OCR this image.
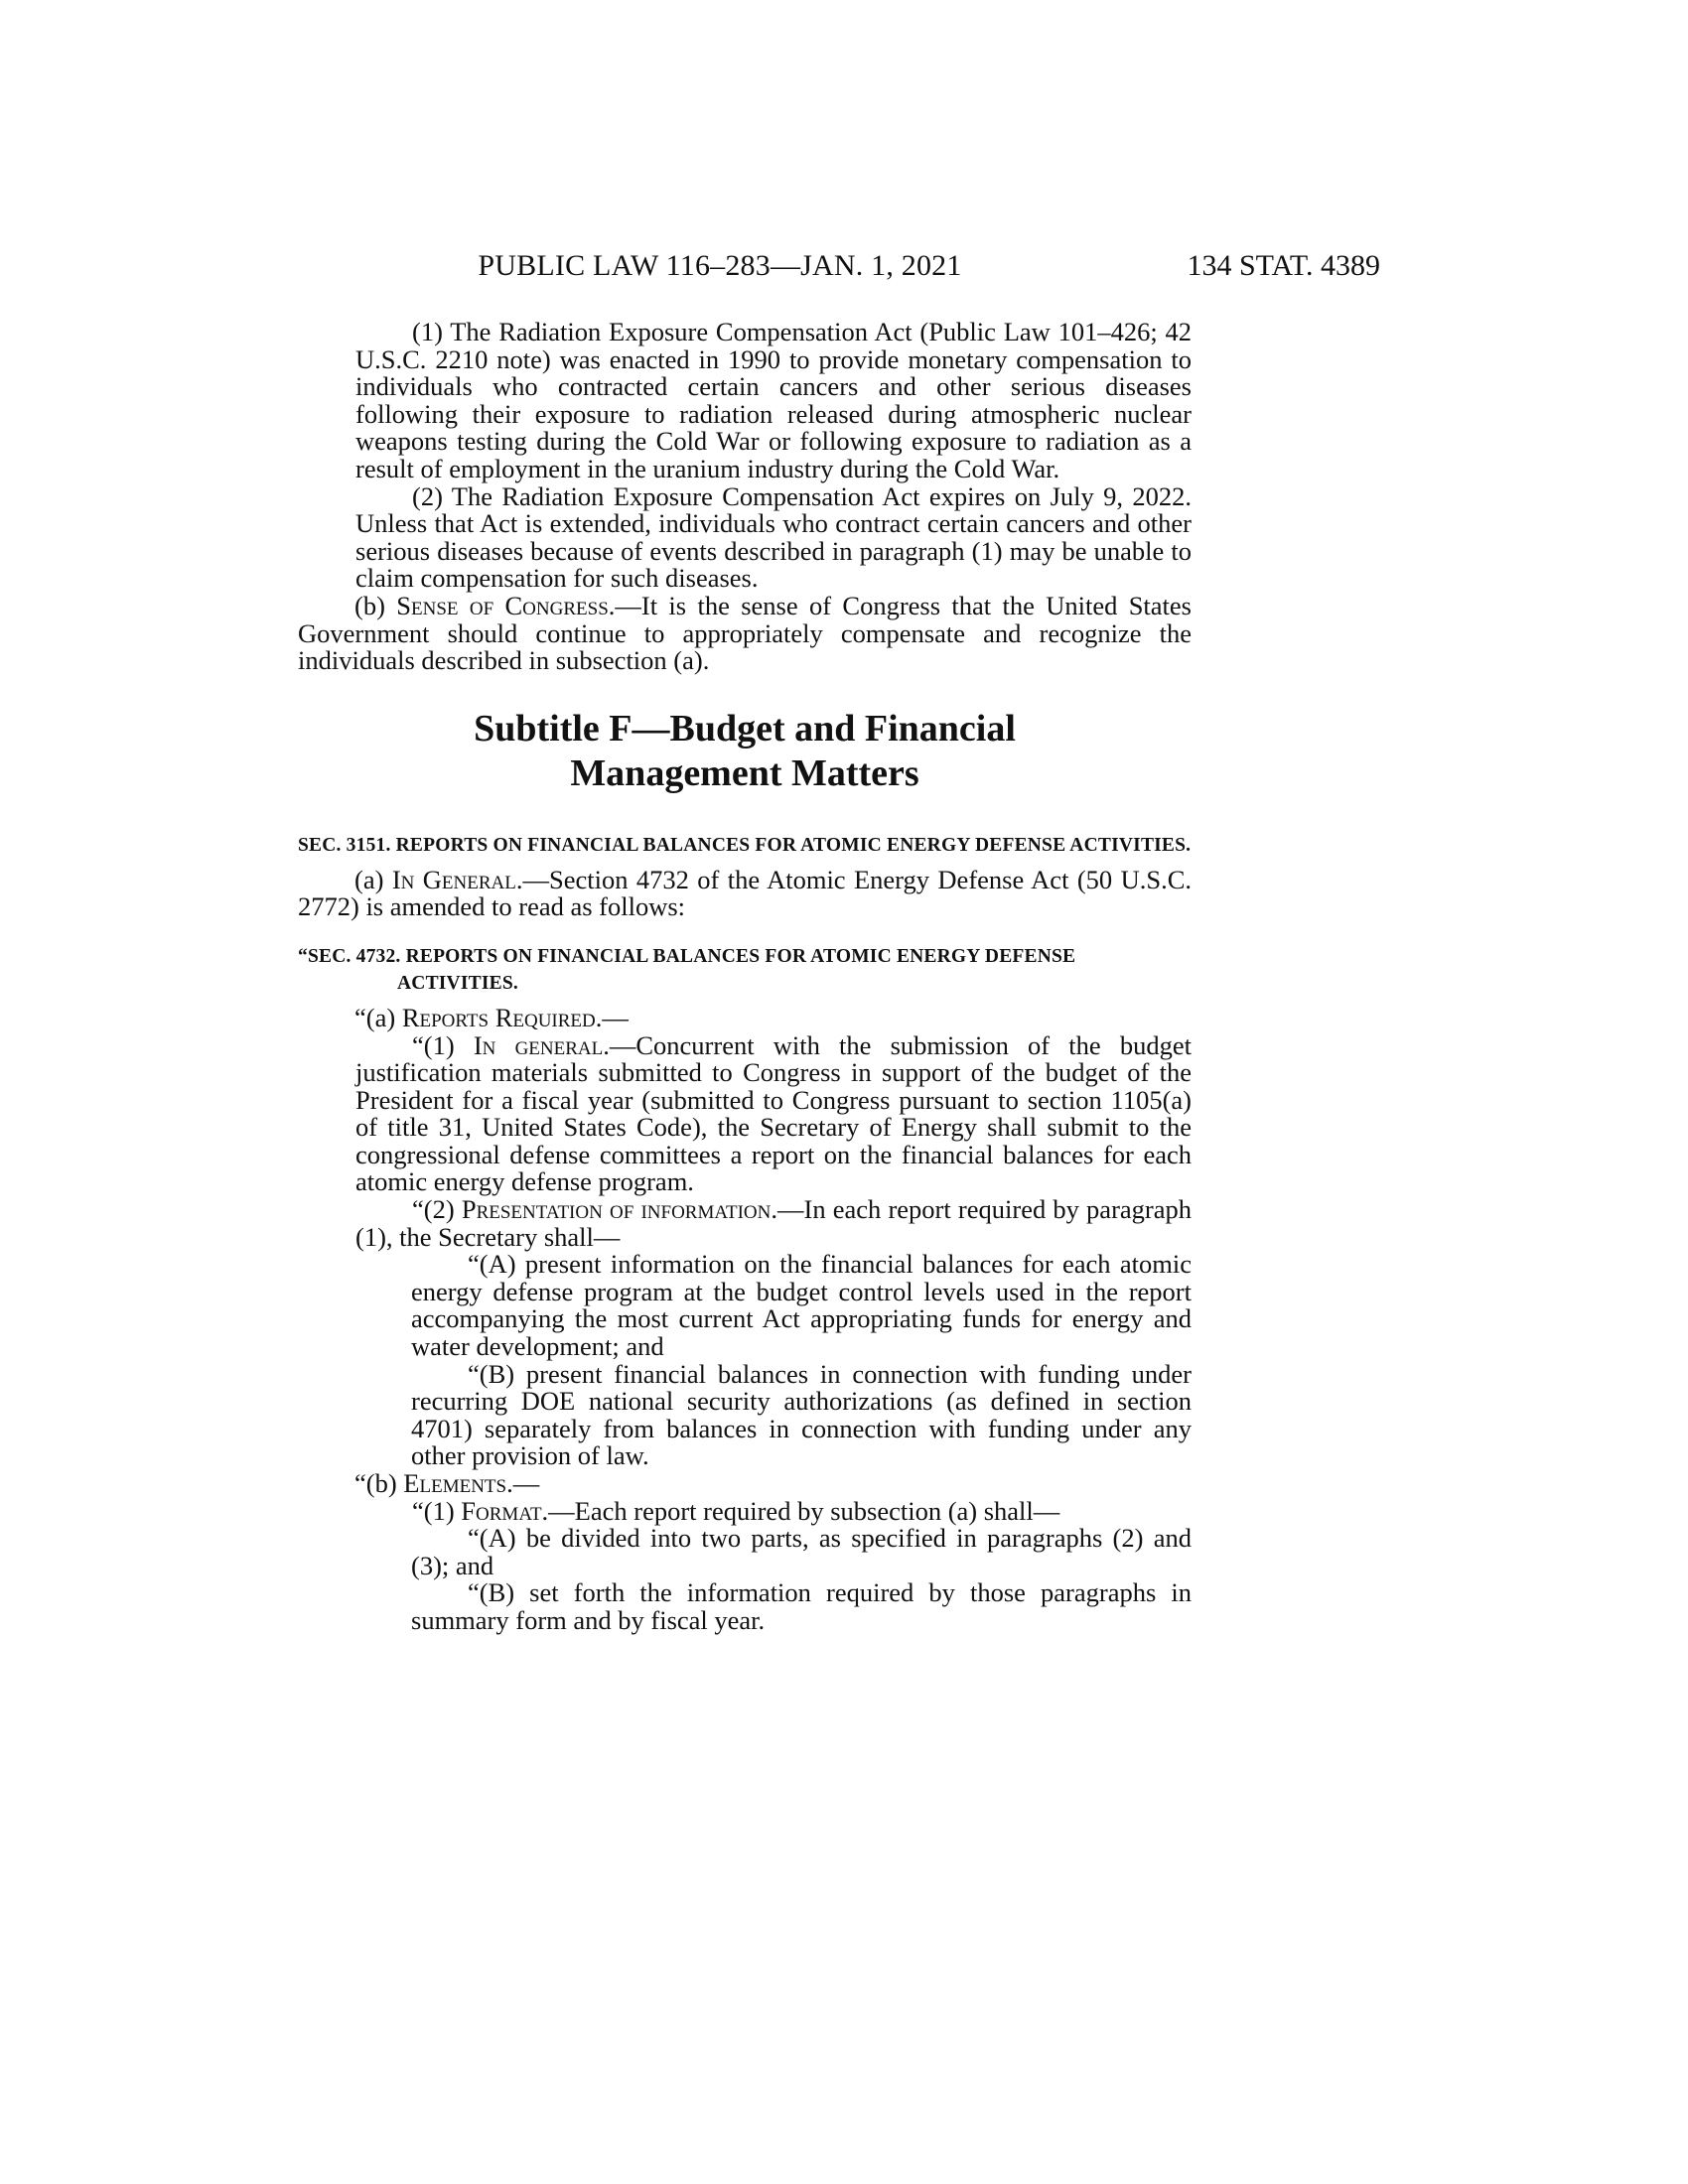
PUBLIC LAW 116–283—JAN. 1, 2021	134 STAT. 4389

(1) The Radiation Exposure Compensation Act (Public Law 101–426; 42 U.S.C. 2210 note) was enacted in 1990 to provide monetary compensation to individuals who contracted certain cancers and other serious diseases following their exposure to radiation released during atmospheric nuclear weapons testing during the Cold War or following exposure to radiation as a result of employment in the uranium industry during the Cold War.

(2) The Radiation Exposure Compensation Act expires on July 9, 2022. Unless that Act is extended, individuals who contract certain cancers and other serious diseases because of events described in paragraph (1) may be unable to claim compensation for such diseases.

(b) Sense of Congress.—It is the sense of Congress that the United States Government should continue to appropriately compensate and recognize the individuals described in subsection (a).

Subtitle F—Budget and Financial
Management Matters

SEC. 3151. REPORTS ON FINANCIAL BALANCES FOR ATOMIC ENERGY DEFENSE ACTIVITIES.

(a) In General.—Section 4732 of the Atomic Energy Defense Act (50 U.S.C. 2772) is amended to read as follows:

“SEC. 4732. REPORTS ON FINANCIAL BALANCES FOR ATOMIC ENERGY DEFENSE ACTIVITIES.

“(a) Reports Required.—

“(1) In general.—Concurrent with the submission of the budget justification materials submitted to Congress in support of the budget of the President for a fiscal year (submitted to Congress pursuant to section 1105(a) of title 31, United States Code), the Secretary of Energy shall submit to the congressional defense committees a report on the financial balances for each atomic energy defense program.

“(2) Presentation of information.—In each report required by paragraph (1), the Secretary shall—

“(A) present information on the financial balances for each atomic energy defense program at the budget control levels used in the report accompanying the most current Act appropriating funds for energy and water development; and

“(B) present financial balances in connection with funding under recurring DOE national security authorizations (as defined in section 4701) separately from balances in connection with funding under any other provision of law.

“(b) Elements.—

“(1) Format.—Each report required by subsection (a) shall—

“(A) be divided into two parts, as specified in paragraphs (2) and (3); and

“(B) set forth the information required by those paragraphs in summary form and by fiscal year.
